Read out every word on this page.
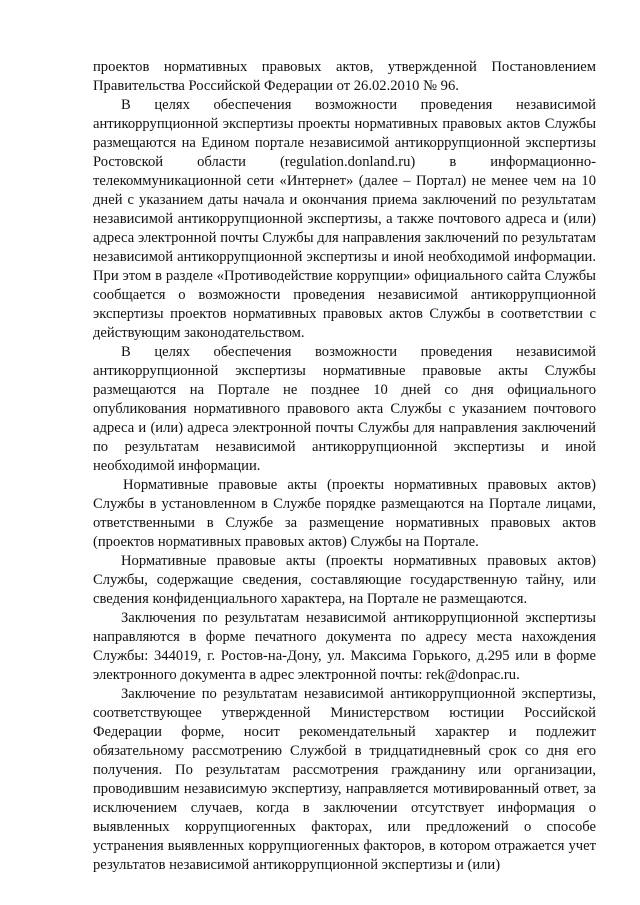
проектов нормативных правовых актов, утвержденной Постановлением Правительства Российской Федерации от 26.02.2010 № 96.

В целях обеспечения возможности проведения независимой антикоррупционной экспертизы проекты нормативных правовых актов Службы размещаются на Едином портале независимой антикоррупционной экспертизы Ростовской области (regulation.donland.ru) в информационно-телекоммуникационной сети «Интернет» (далее – Портал) не менее чем на 10 дней с указанием даты начала и окончания приема заключений по результатам независимой антикоррупционной экспертизы, а также почтового адреса и (или) адреса электронной почты Службы для направления заключений по результатам независимой антикоррупционной экспертизы и иной необходимой информации. При этом в разделе «Противодействие коррупции» официального сайта Службы сообщается о возможности проведения независимой антикоррупционной экспертизы проектов нормативных правовых актов Службы в соответствии с действующим законодательством.

В целях обеспечения возможности проведения независимой антикоррупционной экспертизы нормативные правовые акты Службы размещаются на Портале не позднее 10 дней со дня официального опубликования нормативного правового акта Службы с указанием почтового адреса и (или) адреса электронной почты Службы для направления заключений по результатам независимой антикоррупционной экспертизы и иной необходимой информации.

Нормативные правовые акты (проекты нормативных правовых актов) Службы в установленном в Службе порядке размещаются на Портале лицами, ответственными в Службе за размещение нормативных правовых актов (проектов нормативных правовых актов) Службы на Портале.

Нормативные правовые акты (проекты нормативных правовых актов) Службы, содержащие сведения, составляющие государственную тайну, или сведения конфиденциального характера, на Портале не размещаются.

Заключения по результатам независимой антикоррупционной экспертизы направляются в форме печатного документа по адресу места нахождения Службы: 344019, г. Ростов-на-Дону, ул. Максима Горького, д.295 или в форме электронного документа в адрес электронной почты: rek@donpac.ru.

Заключение по результатам независимой антикоррупционной экспертизы, соответствующее утвержденной Министерством юстиции Российской Федерации форме, носит рекомендательный характер и подлежит обязательному рассмотрению Службой в тридцатидневный срок со дня его получения. По результатам рассмотрения гражданину или организации, проводившим независимую экспертизу, направляется мотивированный ответ, за исключением случаев, когда в заключении отсутствует информация о выявленных коррупциогенных факторах, или предложений о способе устранения выявленных коррупциогенных факторов, в котором отражается учет результатов независимой антикоррупционной экспертизы и (или)
